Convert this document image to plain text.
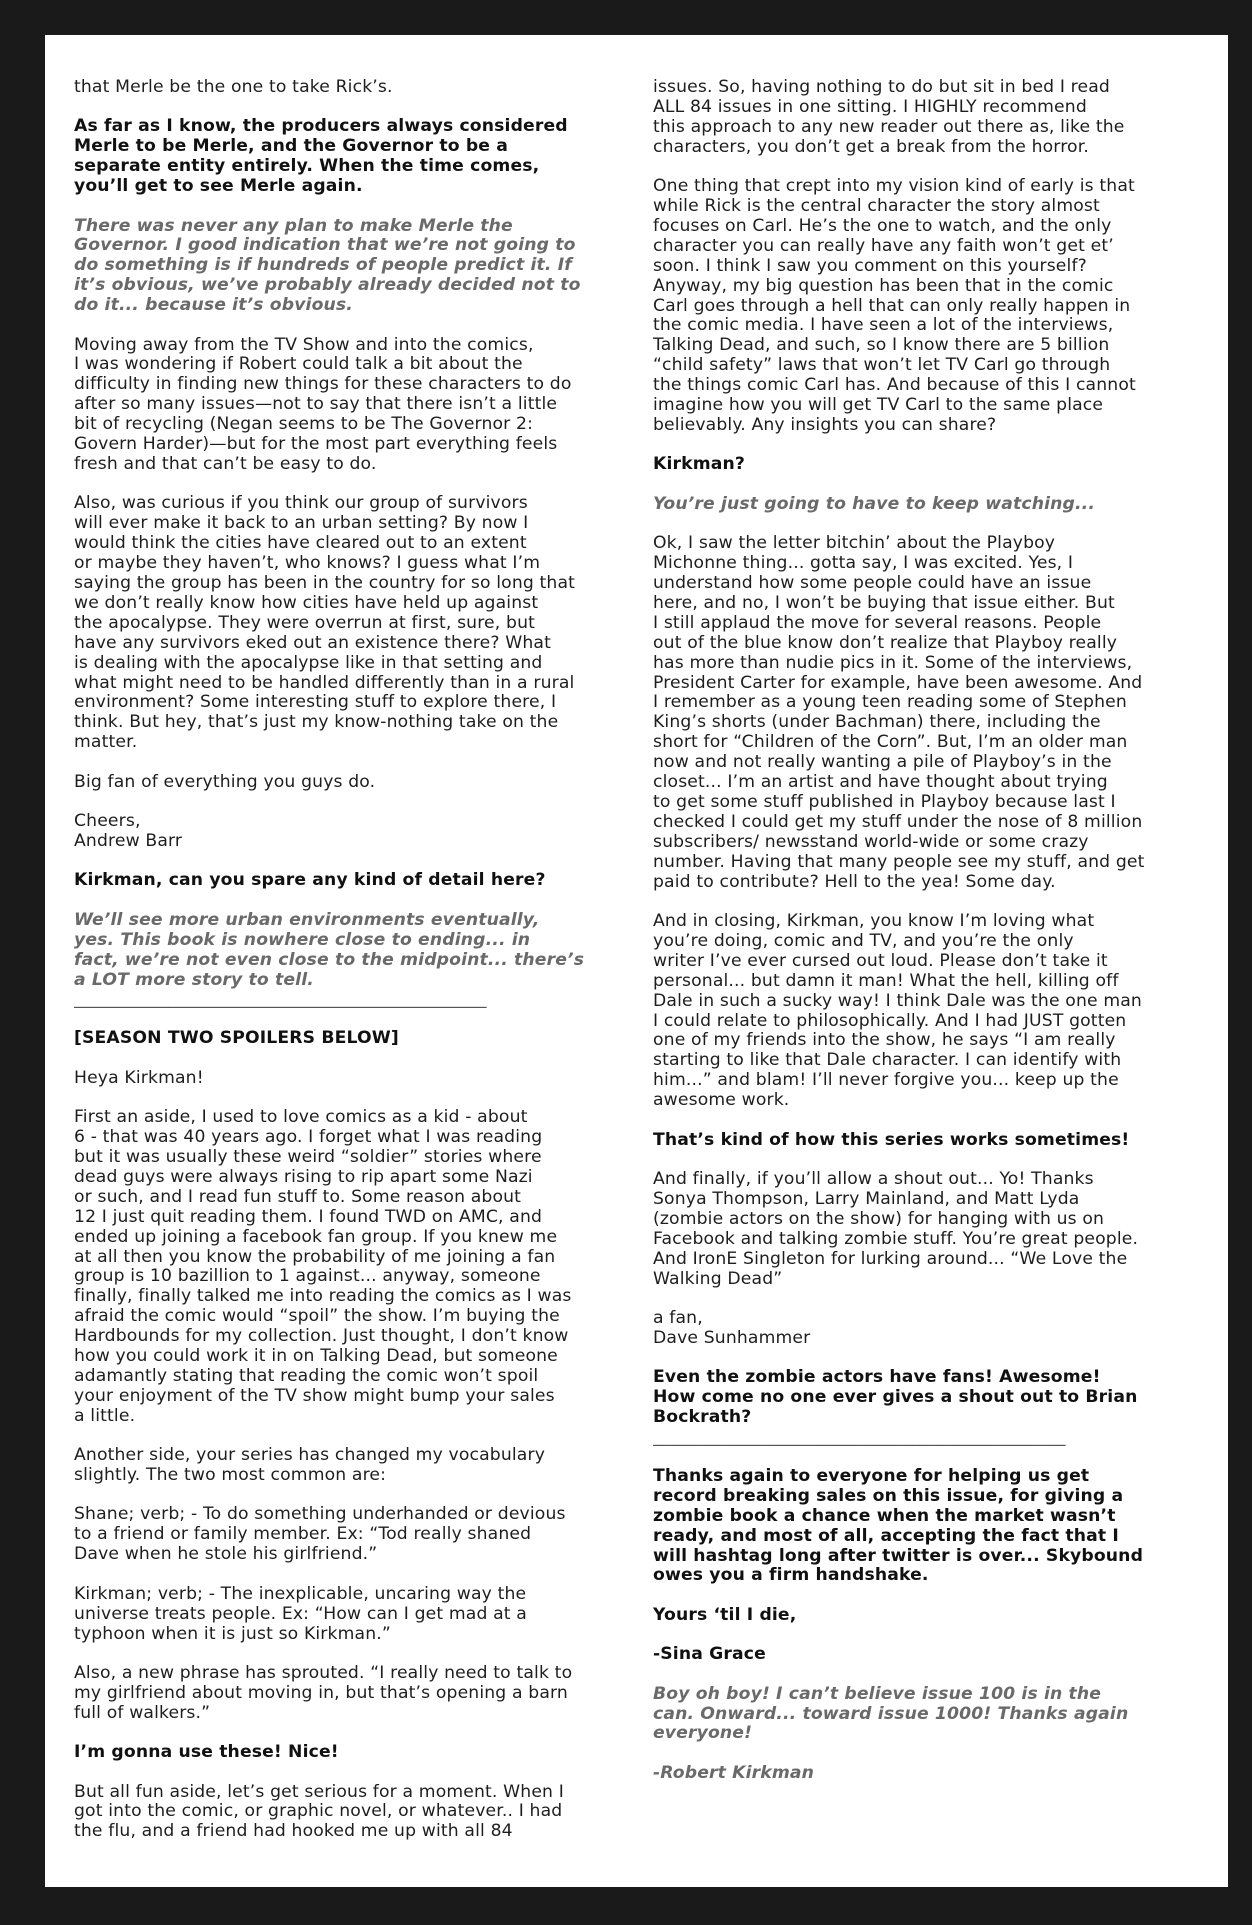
that Merle be the one to take Rick’s.

As far as I know, the producers always considered
Merle to be Merle, and the Governor to be a
separate entity entirely. When the time comes,
you’ll get to see Merle again.

There was never any plan to make Merle the
Governor. I good indication that we’re not going to
do something is if hundreds of people predict it. If
it’s obvious, we’ve probably already decided not to
do it... because it’s obvious.

Moving away from the TV Show and into the comics,
I was wondering if Robert could talk a bit about the
difficulty in finding new things for these characters to do
after so many issues—not to say that there isn’t a little
bit of recycling (Negan seems to be The Governor 2:
Govern Harder)—but for the most part everything feels
fresh and that can’t be easy to do.

Also, was curious if you think our group of survivors
will ever make it back to an urban setting? By now I
would think the cities have cleared out to an extent
or maybe they haven’t, who knows? I guess what I’m
saying the group has been in the country for so long that
we don’t really know how cities have held up against
the apocalypse. They were overrun at first, sure, but
have any survivors eked out an existence there? What
is dealing with the apocalypse like in that setting and
what might need to be handled differently than in a rural
environment? Some interesting stuff to explore there, I
think. But hey, that’s just my know-nothing take on the
matter.

Big fan of everything you guys do.

Cheers,
Andrew Barr

Kirkman, can you spare any kind of detail here?

We’ll see more urban environments eventually,
yes. This book is nowhere close to ending... in
fact, we’re not even close to the midpoint... there’s
a LOT more story to tell.

________________________________________________

[SEASON TWO SPOILERS BELOW]

Heya Kirkman!

First an aside, I used to love comics as a kid - about
6 - that was 40 years ago. I forget what I was reading
but it was usually these weird “soldier” stories where
dead guys were always rising to rip apart some Nazi
or such, and I read fun stuff to. Some reason about
12 I just quit reading them. I found TWD on AMC, and
ended up joining a facebook fan group. If you knew me
at all then you know the probability of me joining a fan
group is 10 bazillion to 1 against... anyway, someone
finally, finally talked me into reading the comics as I was
afraid the comic would “spoil” the show. I’m buying the
Hardbounds for my collection. Just thought, I don’t know
how you could work it in on Talking Dead, but someone
adamantly stating that reading the comic won’t spoil
your enjoyment of the TV show might bump your sales
a little.

Another side, your series has changed my vocabulary
slightly. The two most common are:

Shane; verb; - To do something underhanded or devious
to a friend or family member. Ex: “Tod really shaned
Dave when he stole his girlfriend.”

Kirkman; verb; - The inexplicable, uncaring way the
universe treats people. Ex: “How can I get mad at a
typhoon when it is just so Kirkman.”

Also, a new phrase has sprouted. “I really need to talk to
my girlfriend about moving in, but that’s opening a barn
full of walkers.”

I’m gonna use these! Nice!

But all fun aside, let’s get serious for a moment. When I
got into the comic, or graphic novel, or whatever.. I had
the flu, and a friend had hooked me up with all 84

issues. So, having nothing to do but sit in bed I read
ALL 84 issues in one sitting. I HIGHLY recommend
this approach to any new reader out there as, like the
characters, you don’t get a break from the horror.

One thing that crept into my vision kind of early is that
while Rick is the central character the story almost
focuses on Carl. He’s the one to watch, and the only
character you can really have any faith won’t get et’
soon. I think I saw you comment on this yourself?
Anyway, my big question has been that in the comic
Carl goes through a hell that can only really happen in
the comic media. I have seen a lot of the interviews,
Talking Dead, and such, so I know there are 5 billion
“child safety” laws that won’t let TV Carl go through
the things comic Carl has. And because of this I cannot
imagine how you will get TV Carl to the same place
believably. Any insights you can share?

Kirkman?

You’re just going to have to keep watching...

Ok, I saw the letter bitchin’ about the Playboy
Michonne thing... gotta say, I was excited. Yes, I
understand how some people could have an issue
here, and no, I won’t be buying that issue either. But
I still applaud the move for several reasons. People
out of the blue know don’t realize that Playboy really
has more than nudie pics in it. Some of the interviews,
President Carter for example, have been awesome. And
I remember as a young teen reading some of Stephen
King’s shorts (under Bachman) there, including the
short for “Children of the Corn”. But, I’m an older man
now and not really wanting a pile of Playboy’s in the
closet... I’m an artist and have thought about trying
to get some stuff published in Playboy because last I
checked I could get my stuff under the nose of 8 million
subscribers/ newsstand world-wide or some crazy
number. Having that many people see my stuff, and get
paid to contribute? Hell to the yea! Some day.

And in closing, Kirkman, you know I’m loving what
you’re doing, comic and TV, and you’re the only
writer I’ve ever cursed out loud. Please don’t take it
personal... but damn it man! What the hell, killing off
Dale in such a sucky way! I think Dale was the one man
I could relate to philosophically. And I had JUST gotten
one of my friends into the show, he says “I am really
starting to like that Dale character. I can identify with
him...” and blam! I’ll never forgive you... keep up the
awesome work.

That’s kind of how this series works sometimes!

And finally, if you’ll allow a shout out... Yo! Thanks
Sonya Thompson, Larry Mainland, and Matt Lyda
(zombie actors on the show) for hanging with us on
Facebook and talking zombie stuff. You’re great people.
And IronE Singleton for lurking around... “We Love the
Walking Dead”

a fan,
Dave Sunhammer

Even the zombie actors have fans! Awesome!
How come no one ever gives a shout out to Brian
Bockrath?

________________________________________________

Thanks again to everyone for helping us get
record breaking sales on this issue, for giving a
zombie book a chance when the market wasn’t
ready, and most of all, accepting the fact that I
will hashtag long after twitter is over... Skybound
owes you a firm handshake.

Yours ‘til I die,

-Sina Grace

Boy oh boy! I can’t believe issue 100 is in the
can. Onward... toward issue 1000! Thanks again
everyone!

-Robert Kirkman
